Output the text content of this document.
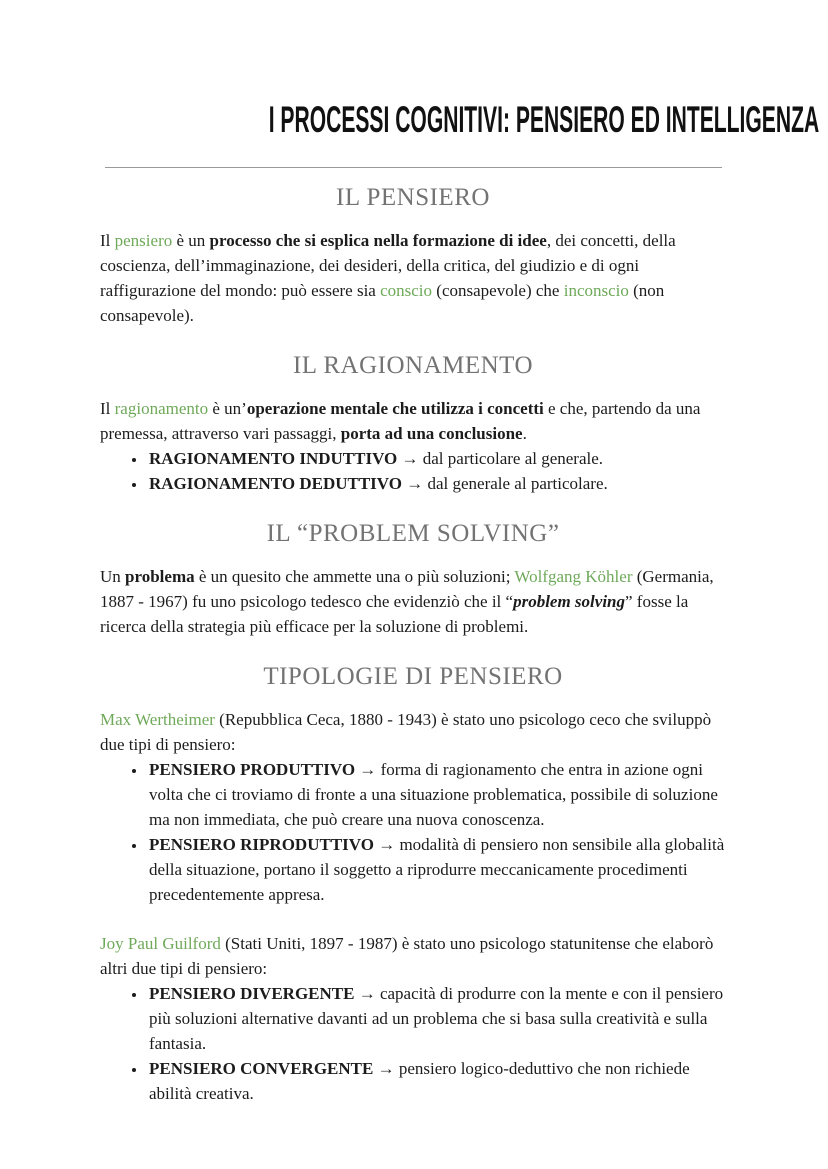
I PROCESSI COGNITIVI: PENSIERO ED INTELLIGENZA
IL PENSIERO

Il pensiero è un processo che si esplica nella formazione di idee, dei concetti, della coscienza, dell’immaginazione, dei desideri, della critica, del giudizio e di ogni raffigurazione del mondo: può essere sia conscio (consapevole) che inconscio (non consapevole).

IL RAGIONAMENTO

Il ragionamento è un’operazione mentale che utilizza i concetti e che, partendo da una premessa, attraverso vari passaggi, porta ad una conclusione.

• RAGIONAMENTO INDUTTIVO → dal particolare al generale.
• RAGIONAMENTO DEDUTTIVO → dal generale al particolare.
IL “PROBLEM SOLVING”

Un problema è un quesito che ammette una o più soluzioni; Wolfgang Köhler (Germania, 1887 - 1967) fu uno psicologo tedesco che evidenziò che il “problem solving” fosse la ricerca della strategia più efficace per la soluzione di problemi.

TIPOLOGIE DI PENSIERO

Max Wertheimer (Repubblica Ceca, 1880 - 1943) è stato uno psicologo ceco che sviluppò due tipi di pensiero:

• PENSIERO PRODUTTIVO → forma di ragionamento che entra in azione ogni volta che ci troviamo di fronte a una situazione problematica, possibile di soluzione ma non immediata, che può creare una nuova conoscenza.
• PENSIERO RIPRODUTTIVO → modalità di pensiero non sensibile alla globalità della situazione, portano il soggetto a riprodurre meccanicamente procedimenti precedentemente appresa.

Joy Paul Guilford (Stati Uniti, 1897 - 1987) è stato uno psicologo statunitense che elaborò altri due tipi di pensiero:

• PENSIERO DIVERGENTE → capacità di produrre con la mente e con il pensiero più soluzioni alternative davanti ad un problema che si basa sulla creatività e sulla fantasia.
• PENSIERO CONVERGENTE → pensiero logico-deduttivo che non richiede abilità creativa.
